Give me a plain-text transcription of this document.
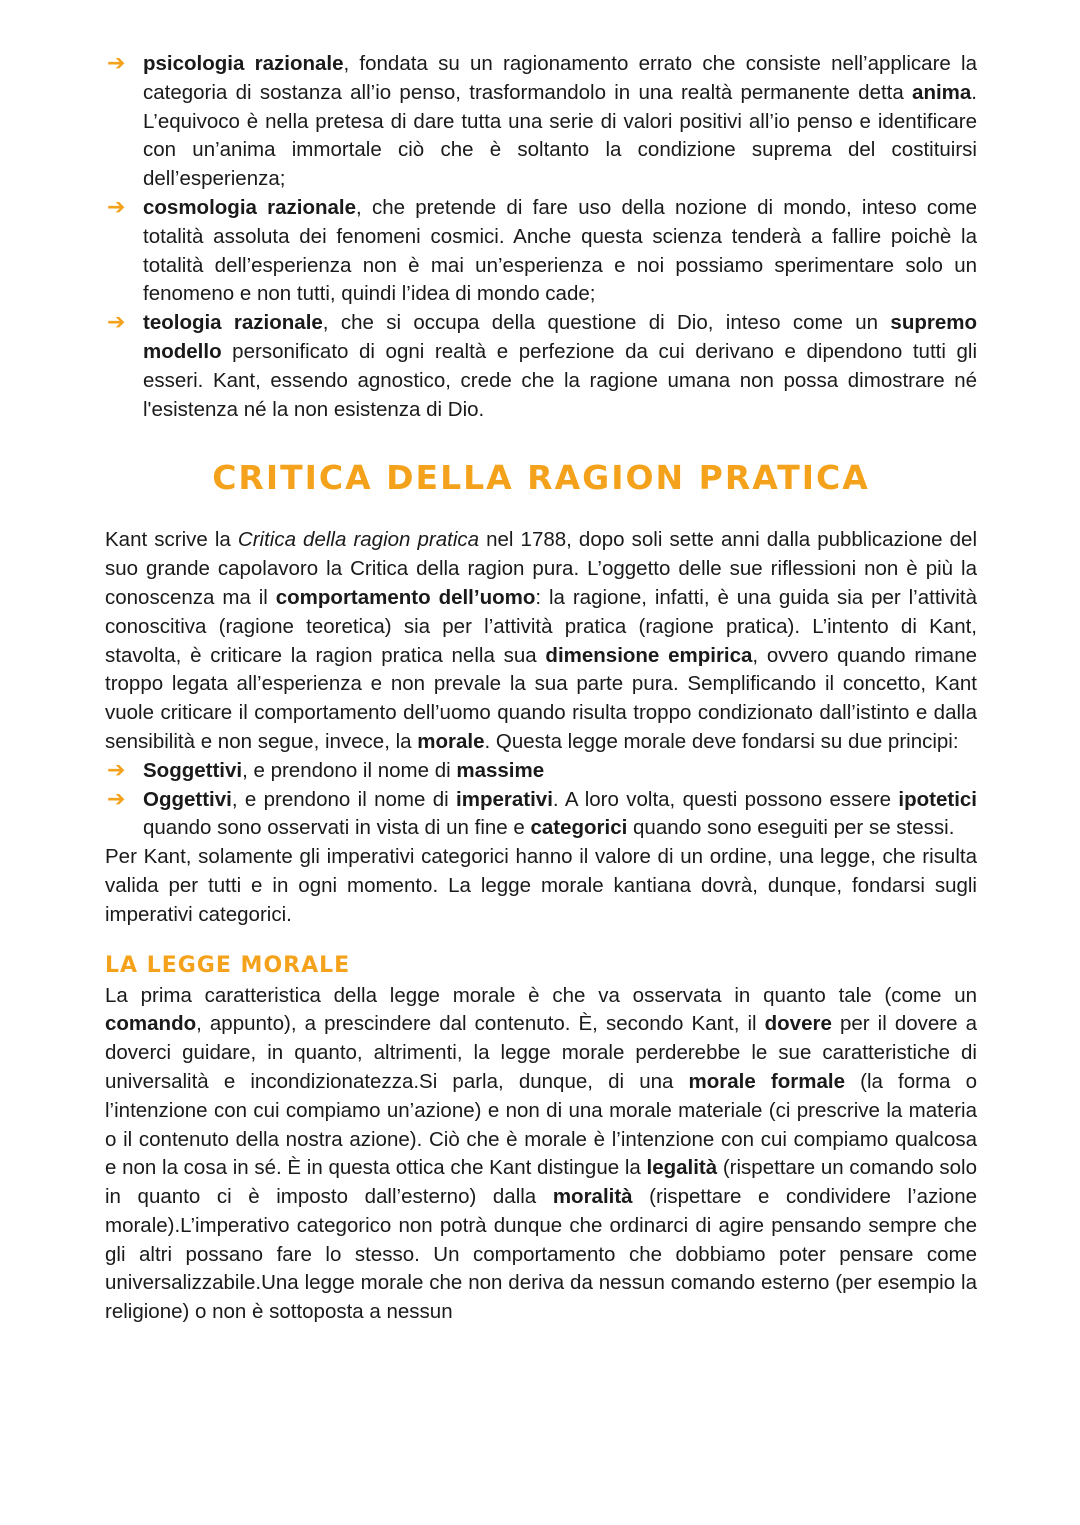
➔ psicologia razionale, fondata su un ragionamento errato che consiste nell’applicare la categoria di sostanza all’io penso, trasformandolo in una realtà permanente detta anima. L’equivoco è nella pretesa di dare tutta una serie di valori positivi all’io penso e identificare con un’anima immortale ciò che è soltanto la condizione suprema del costituirsi dell’esperienza;

➔ cosmologia razionale, che pretende di fare uso della nozione di mondo, inteso come totalità assoluta dei fenomeni cosmici. Anche questa scienza tenderà a fallire poichè la totalità dell’esperienza non è mai un’esperienza e noi possiamo sperimentare solo un fenomeno e non tutti, quindi l’idea di mondo cade;

➔ teologia razionale, che si occupa della questione di Dio, inteso come un supremo modello personificato di ogni realtà e perfezione da cui derivano e dipendono tutti gli esseri. Kant, essendo agnostico, crede che la ragione umana non possa dimostrare né l'esistenza né la non esistenza di Dio.

CRITICA DELLA RAGION PRATICA

Kant scrive la Critica della ragion pratica nel 1788, dopo soli sette anni dalla pubblicazione del suo grande capolavoro la Critica della ragion pura. L’oggetto delle sue riflessioni non è più la conoscenza ma il comportamento dell’uomo: la ragione, infatti, è una guida sia per l’attività conoscitiva (ragione teoretica) sia per l’attività pratica (ragione pratica). L’intento di Kant, stavolta, è criticare la ragion pratica nella sua dimensione empirica, ovvero quando rimane troppo legata all’esperienza e non prevale la sua parte pura. Semplificando il concetto, Kant vuole criticare il comportamento dell’uomo quando risulta troppo condizionato dall’istinto e dalla sensibilità e non segue, invece, la morale. Questa legge morale deve fondarsi su due principi:

➔ Soggettivi, e prendono il nome di massime

➔ Oggettivi, e prendono il nome di imperativi. A loro volta, questi possono essere ipotetici quando sono osservati in vista di un fine e categorici quando sono eseguiti per se stessi.

Per Kant, solamente gli imperativi categorici hanno il valore di un ordine, una legge, che risulta valida per tutti e in ogni momento. La legge morale kantiana dovrà, dunque, fondarsi sugli imperativi categorici.

LA LEGGE MORALE

La prima caratteristica della legge morale è che va osservata in quanto tale (come un comando, appunto), a prescindere dal contenuto. È, secondo Kant, il dovere per il dovere a doverci guidare, in quanto, altrimenti, la legge morale perderebbe le sue caratteristiche di universalità e incondizionatezza.Si parla, dunque, di una morale formale (la forma o l’intenzione con cui compiamo un’azione) e non di una morale materiale (ci prescrive la materia o il contenuto della nostra azione). Ciò che è morale è l’intenzione con cui compiamo qualcosa e non la cosa in sé. È in questa ottica che Kant distingue la legalità (rispettare un comando solo in quanto ci è imposto dall’esterno) dalla moralità (rispettare e condividere l’azione morale).L’imperativo categorico non potrà dunque che ordinarci di agire pensando sempre che gli altri possano fare lo stesso. Un comportamento che dobbiamo poter pensare come universalizzabile.Una legge morale che non deriva da nessun comando esterno (per esempio la religione) o non è sottoposta a nessun
